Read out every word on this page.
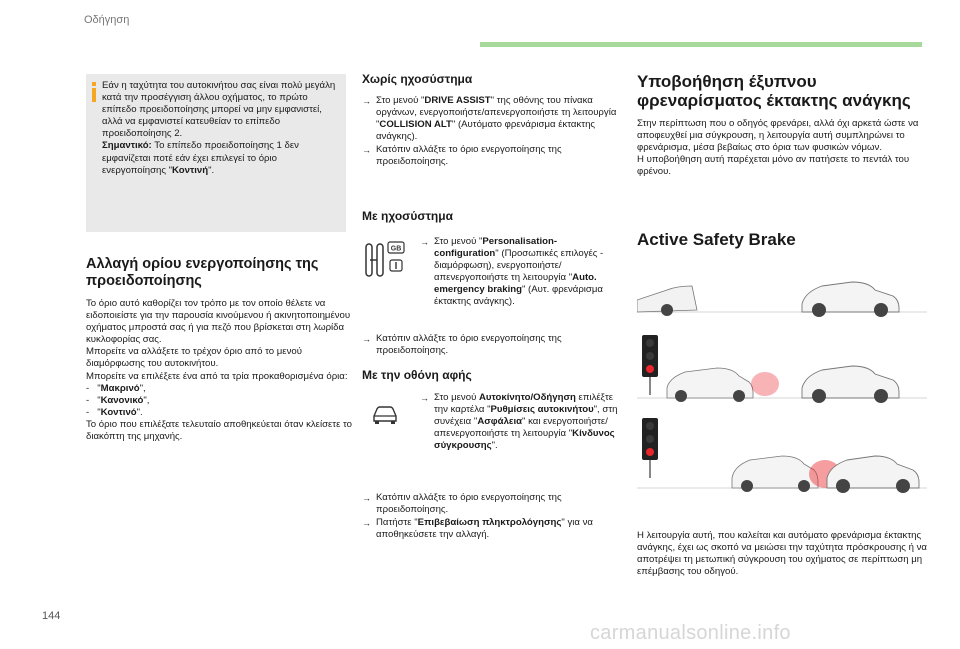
Οδήγηση

Εάν η ταχύτητα του αυτοκινήτου σας είναι πολύ μεγάλη κατά την προσέγγιση άλλου οχήματος, το πρώτο επίπεδο προειδοποίησης μπορεί να μην εμφανιστεί, αλλά να εμφανιστεί κατευθείαν το επίπεδο προειδοποίησης 2.

Σημαντικό: Το επίπεδο προειδοποίησης 1 δεν εμφανίζεται ποτέ εάν έχει επιλεγεί το όριο ενεργοποίησης "Κοντινή".

Αλλαγή ορίου ενεργοποίησης της προειδοποίησης

Το όριο αυτό καθορίζει τον τρόπο με τον οποίο θέλετε να ειδοποιείστε για την παρουσία κινούμενου ή ακινητοποιημένου οχήματος μπροστά σας ή για πεζό που βρίσκεται στη λωρίδα κυκλοφορίας σας.

Μπορείτε να αλλάξετε το τρέχον όριο από το μενού διαμόρφωσης του αυτοκινήτου.

Μπορείτε να επιλέξετε ένα από τα τρία προκαθορισμένα όρια:

-   "Μακρινό",

-   "Κανονικό",

-   "Κοντινό".

Το όριο που επιλέξατε τελευταίο αποθηκεύεται όταν κλείσετε το διακόπτη της μηχανής.

Χωρίς ηχοσύστημα
→ Στο μενού "DRIVE ASSIST" της οθόνης του πίνακα οργάνων, ενεργοποιήστε/απενεργοποιήστε τη λειτουργία "COLLISION ALT" (Αυτόματο φρενάρισμα έκτακτης ανάγκης).
→ Κατόπιν αλλάξτε το όριο ενεργοποίησης της προειδοποίησης.
Με ηχοσύστημα
GB
→ Στο μενού "Personalisation-configuration" (Προσωπικές επιλογές - διαμόρφωση), ενεργοποιήστε/απενεργοποιήστε τη λειτουργία "Auto. emergency braking" (Αυτ. φρενάρισμα έκτακτης ανάγκης).
→ Κατόπιν αλλάξτε το όριο ενεργοποίησης της προειδοποίησης.
Με την οθόνη αφής
→ Στο μενού Αυτοκίνητο/Οδήγηση επιλέξτε την καρτέλα "Ρυθμίσεις αυτοκινήτου", στη συνέχεια "Ασφάλεια" και ενεργοποιήστε/ απενεργοποιήστε τη λειτουργία "Κίνδυνος σύγκρουσης".
→ Κατόπιν αλλάξτε το όριο ενεργοποίησης της προειδοποίησης.
→ Πατήστε "Επιβεβαίωση πληκτρολόγησης" για να αποθηκεύσετε την αλλαγή.
Υποβοήθηση έξυπνου φρεναρίσματος έκτακτης ανάγκης

Στην περίπτωση που ο οδηγός φρενάρει, αλλά όχι αρκετά ώστε να αποφευχθεί μια σύγκρουση, η λειτουργία αυτή συμπληρώνει το φρενάρισμα, μέσα βεβαίως στο όρια των φυσικών νόμων.

Η υποβοήθηση αυτή παρέχεται μόνο αν πατήσετε το πεντάλ του φρένου.

Active Safety Brake
Η λειτουργία αυτή, που καλείται και αυτόματο φρενάρισμα έκτακτης ανάγκης, έχει ως σκοπό να μειώσει την ταχύτητα πρόσκρουσης ή να αποτρέψει τη μετωπική σύγκρουση του οχήματος σε περίπτωση μη επέμβασης του οδηγού.
144
carmanualsonline.info
